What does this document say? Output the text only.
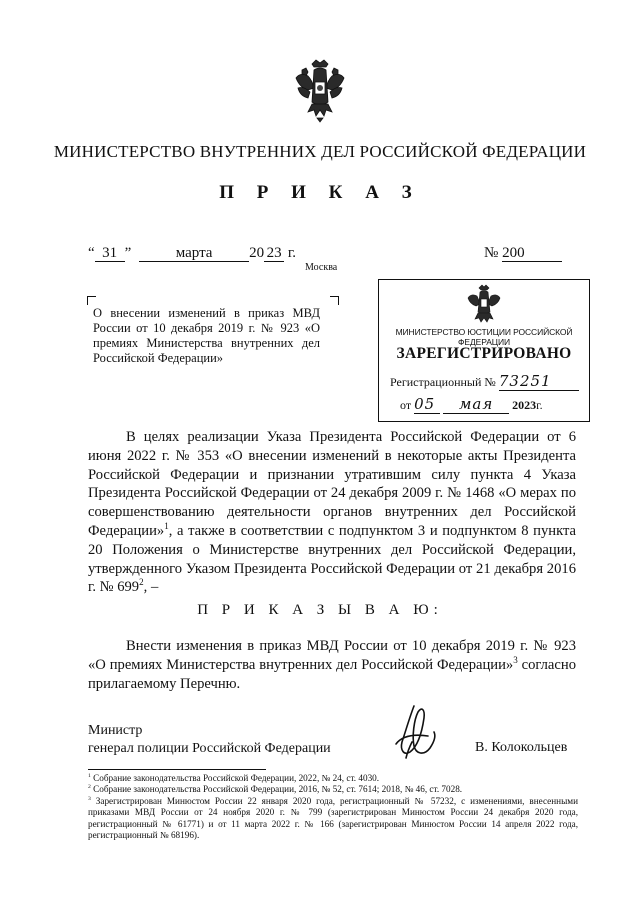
МИНИСТЕРСТВО ВНУТРЕННИХ ДЕЛ РОССИЙСКОЙ ФЕДЕРАЦИИ
П Р И К А З
“ 31 ”	марта 20 23 г.	№ 200
Москва
О внесении изменений в приказ МВД России от 10 декабря 2019 г. № 923 «О премиях Министерства внутренних дел Российской Федерации»
МИНИСТЕРСТВО ЮСТИЦИИ РОССИЙСКОЙ ФЕДЕРАЦИИ
ЗАРЕГИСТРИРОВАНО
Регистрационный № 73251
от 05 мая 2023г.

В целях реализации Указа Президента Российской Федерации от 6 июня 2022 г. № 353 «О внесении изменений в некоторые акты Президента Российской Федерации и признании утратившим силу пункта 4 Указа Президента Российской Федерации от 24 декабря 2009 г. № 1468 «О мерах по совершенствованию деятельности органов внутренних дел Российской Федерации»$^1$, а также в соответствии с подпунктом 3 и подпунктом 8 пункта 20 Положения о Министерстве внутренних дел Российской Федерации, утвержденного Указом Президента Российской Федерации от 21 декабря 2016 г. № $699^2$, –

П Р И К А З Ы В А Ю:

Внести изменения в приказ МВД России от 10 декабря 2019 г. № 923 «О премиях Министерства внутренних дел Российской Федерации»$^3$ согласно прилагаемому Перечню.

Министр
генерал полиции Российской Федерации	В. Колокольцев
$^1$ Собрание законодательства Российской Федерации, 2022, № 24, ст. 4030.
$^2$ Собрание законодательства Российской Федерации, 2016, № 52, ст. 7614; 2018, № 46, ст. 7028.
$^3$ Зарегистрирован Минюстом России 22 января 2020 года, регистрационный № 57232, с изменениями, внесенными приказами МВД России от 24 ноября 2020 г. № 799 (зарегистрирован Минюстом России 24 декабря 2020 года, регистрационный № 61771) и от 11 марта 2022 г. № 166 (зарегистрирован Минюстом России 14 апреля 2022 года, регистрационный № 68196).
